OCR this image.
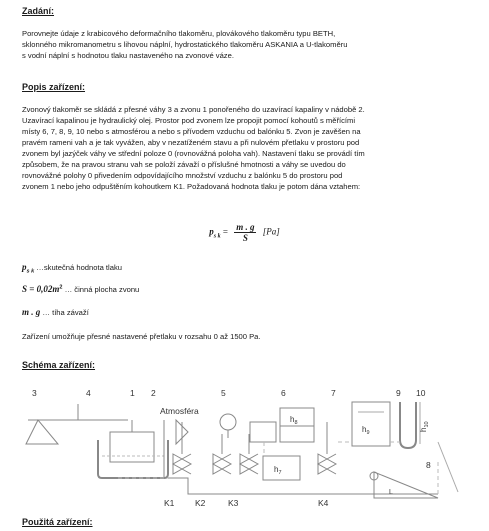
Zadání:
Porovnejte údaje z krabicového deformačního tlakoměru, plovákového tlakoměru typu BETH,
sklonného mikromanometru s lihovou náplní, hydrostatického tlakoměru ASKANIA a U-tlakoměru
s vodní náplní s hodnotou tlaku nastaveného na zvonové váze.
Popis zařízení:
Zvonový tlakoměr se skládá z přesné váhy 3 a zvonu 1 ponořeného do uzavírací kapaliny v nádobě 2.
Uzavírací kapalinou je hydraulický olej. Prostor pod zvonem lze propojit pomocí kohoutů s měřícími
místy 6, 7, 8, 9, 10 nebo s atmosférou a nebo s přívodem vzduchu od balónku 5. Zvon je zavěšen na
pravém rameni vah a je tak vyvážen, aby v nezatíženém stavu a při nulovém přetlaku v prostoru pod
zvonem byl jazýček váhy ve střední poloze 0 (rovnovážná poloha vah). Nastavení tlaku se provádí tím
způsobem, že na pravou stranu vah se položí závaží o příslušné hmotnosti a váhy se uvedou do
rovnovážné polohy 0 přivedením odpovídajícího množství vzduchu z balónku 5 do prostoru pod
zvonem 1 nebo jeho odpuštěním kohoutkem K1. Požadovaná hodnota tlaku je potom dána vztahem:
$p_{s k} = \frac{m . g}{S} [Pa]$
$p_{s k}$ …skutečná hodnota tlaku
$S = 0,02m^2$ … činná plocha zvonu
m . g … tíha závaží
Zařízení umožňuje přesné nastavené přetlaku v rozsahu 0 až 1500 Pa.
Schéma zařízení:
3	4	1 2	5	6	7	9 10
Atmosféra
K1 K2	K3	K4
$h_8$
$h_7$
$h_9$
$h_{10}$
8
L
Použitá zařízení:
